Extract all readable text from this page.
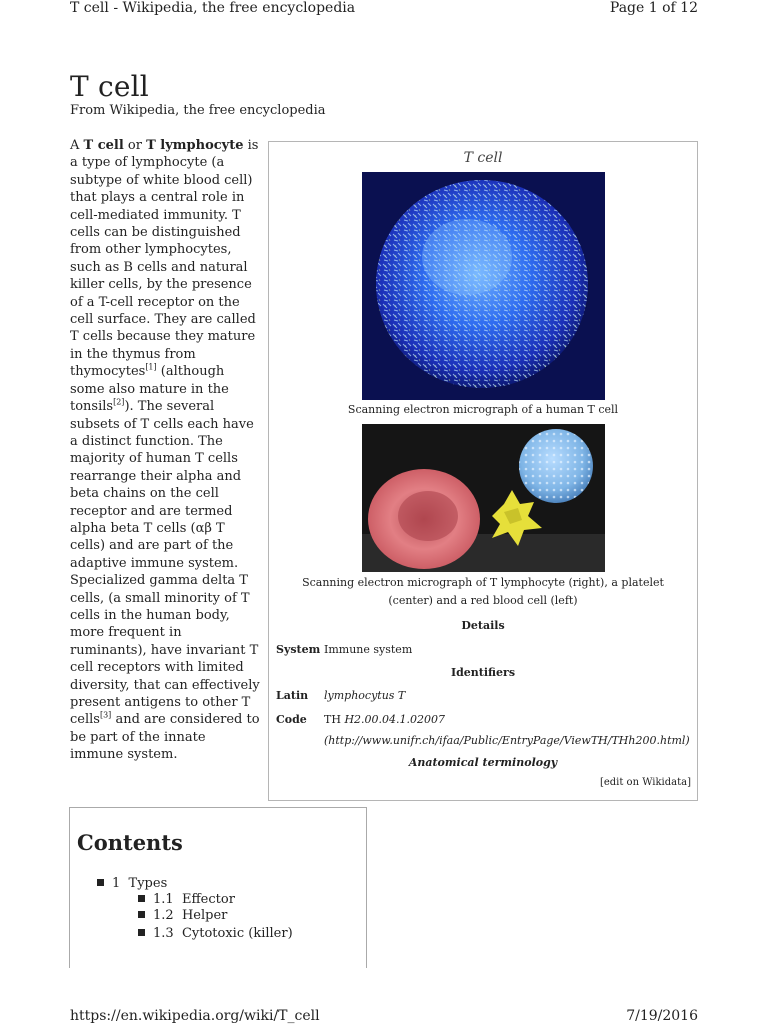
T cell - Wikipedia, the free encyclopedia	Page 1 of 12
T cell
From Wikipedia, the free encyclopedia
A T cell or T lymphocyte is a type of lymphocyte (a subtype of white blood cell) that plays a central role in cell-mediated immunity. T cells can be distinguished from other lymphocytes, such as B cells and natural killer cells, by the presence of a T-cell receptor on the cell surface. They are called T cells because they mature in the thymus from thymocytes[1] (although some also mature in the tonsils[2]). The several subsets of T cells each have a distinct function. The majority of human T cells rearrange their alpha and beta chains on the cell receptor and are termed alpha beta T cells (αβ T cells) and are part of the adaptive immune system. Specialized gamma delta T cells, (a small minority of T cells in the human body, more frequent in ruminants), have invariant T cell receptors with limited diversity, that can effectively present antigens to other T cells[3] and are considered to be part of the innate immune system.
T cell
Scanning electron micrograph of a human T cell
Scanning electron micrograph of T lymphocyte (right), a platelet (center) and a red blood cell (left)
Details
System Immune system
Identifiers
Latin lymphocytus T
Code TH H2.00.04.1.02007
(http://www.unifr.ch/ifaa/Public/EntryPage/ViewTH/THh200.html)
Anatomical terminology
[edit on Wikidata]
Contents
1 Types
1.1 Effector
1.2 Helper
1.3 Cytotoxic (killer)
https://en.wikipedia.org/wiki/T_cell	7/19/2016
